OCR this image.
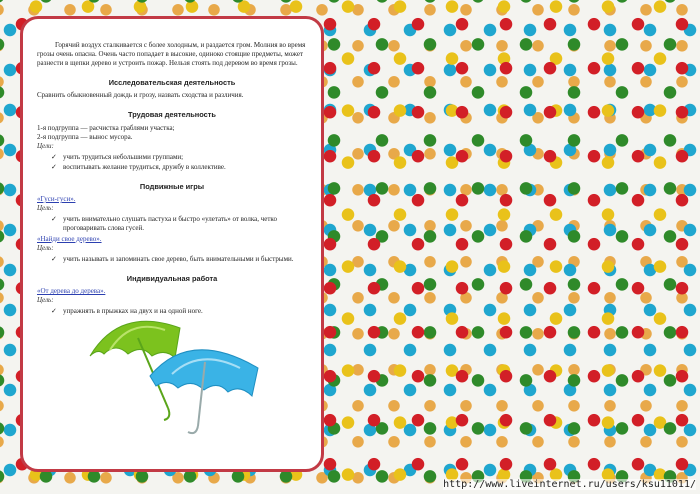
Горячий воздух сталкивается с более холодным, и раздается гром. Молния во время грозы очень опасна. Очень часто попадает в высокие, одиноко стоящие предметы, может разнести в щепки дерево и устроить пожар. Нельзя стоять под деревом во время грозы.

Исследовательская деятельность

Сравнить обыкновенный дождь и грозу, назвать сходства и различия.

Трудовая деятельность

1-я подгруппа — расчистка граблями участка;

2-я подгруппа — вынос мусора.

Цели:

✓ учить трудиться небольшими группами;
✓ воспитывать желание трудиться, дружбу в коллективе.
Подвижные игры

«Гуси-гуси».

Цель:

✓ учить внимательно слушать пастуха и быстро «улетать» от волка, четко проговаривать слова гусей.

«Найди свое дерево».

Цель:

✓ учить называть и запоминать свое дерево, быть внимательными и быстрыми.
Индивидуальная работа

«От дерева до дерева».

Цель:

✓ упражнять в прыжках на двух и на одной ноге.
http://www.liveinternet.ru/users/ksu11011/
